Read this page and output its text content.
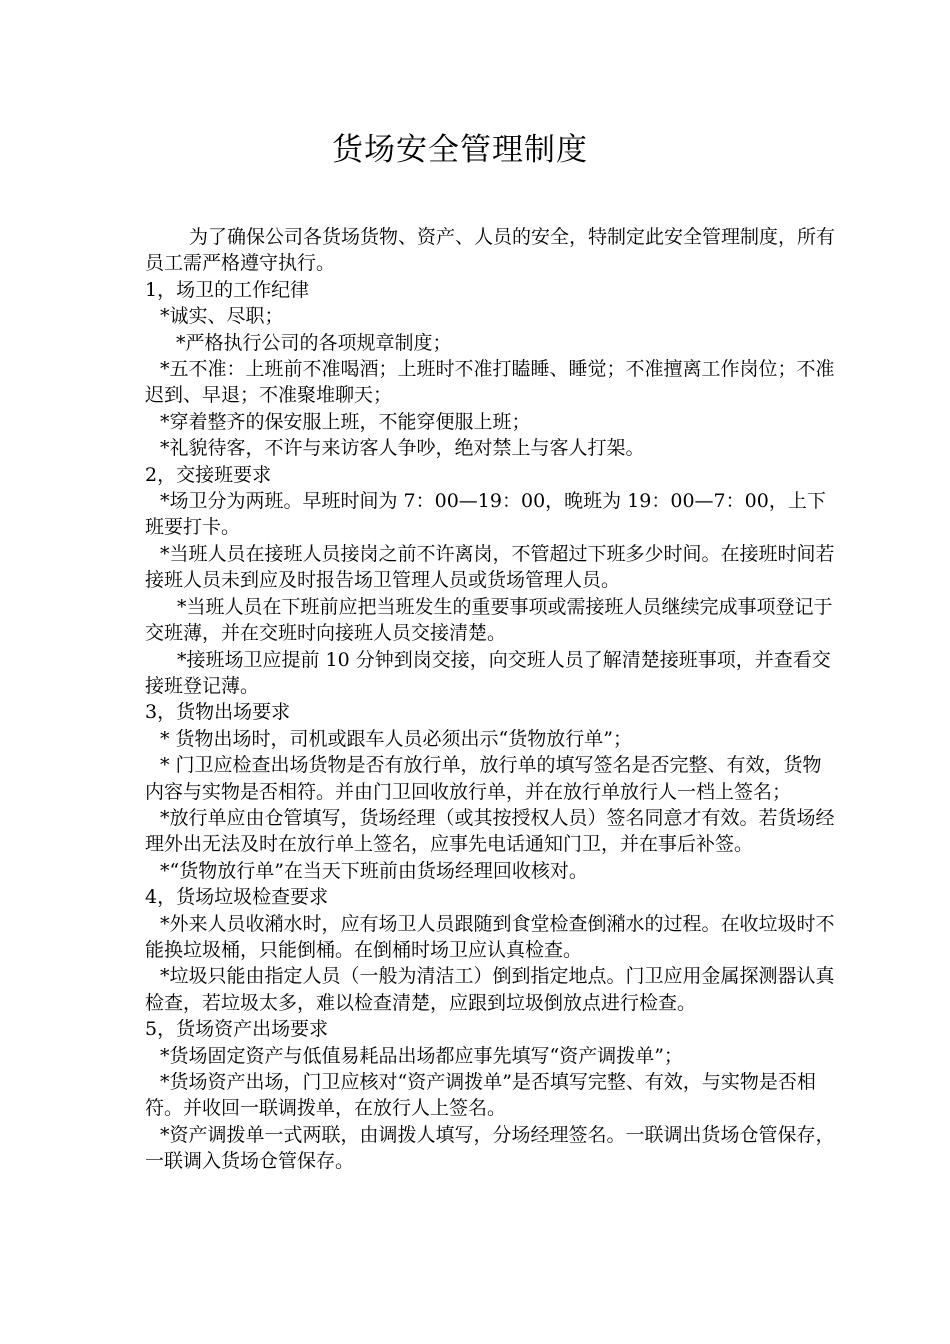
货场安全管理制度

为了确保公司各货场货物、资产、人员的安全，特制定此安全管理制度，所有员工需严格遵守执行。

1，场卫的工作纪律

*诚实、尽职；

*严格执行公司的各项规章制度；

*五不准：上班前不准喝酒；上班时不准打瞌睡、睡觉；不准擅离工作岗位；不准迟到、早退；不准聚堆聊天；

*穿着整齐的保安服上班，不能穿便服上班；

*礼貌待客，不许与来访客人争吵，绝对禁上与客人打架。

2，交接班要求

*场卫分为两班。早班时间为 7：00—19：00，晚班为 19：00—7：00，上下班要打卡。

*当班人员在接班人员接岗之前不许离岗，不管超过下班多少时间。在接班时间若接班人员未到应及时报告场卫管理人员或货场管理人员。

*当班人员在下班前应把当班发生的重要事项或需接班人员继续完成事项登记于交班薄，并在交班时向接班人员交接清楚。

*接班场卫应提前 10 分钟到岗交接，向交班人员了解清楚接班事项，并查看交接班登记薄。

3，货物出场要求

* 货物出场时，司机或跟车人员必须出示“货物放行单”；

* 门卫应检查出场货物是否有放行单，放行单的填写签名是否完整、有效，货物内容与实物是否相符。并由门卫回收放行单，并在放行单放行人一档上签名；

*放行单应由仓管填写，货场经理（或其按授权人员）签名同意才有效。若货场经理外出无法及时在放行单上签名，应事先电话通知门卫，并在事后补签。

*“货物放行单”在当天下班前由货场经理回收核对。

4，货场垃圾检查要求

*外来人员收潲水时，应有场卫人员跟随到食堂检查倒潲水的过程。在收垃圾时不能换垃圾桶，只能倒桶。在倒桶时场卫应认真检查。

*垃圾只能由指定人员（一般为清洁工）倒到指定地点。门卫应用金属探测器认真检查，若垃圾太多，难以检查清楚，应跟到垃圾倒放点进行检查。

5，货场资产出场要求

*货场固定资产与低值易耗品出场都应事先填写“资产调拨单”；

*货场资产出场，门卫应核对“资产调拨单”是否填写完整、有效，与实物是否相符。并收回一联调拨单，在放行人上签名。

*资产调拨单一式两联，由调拨人填写，分场经理签名。一联调出货场仓管保存，一联调入货场仓管保存。
